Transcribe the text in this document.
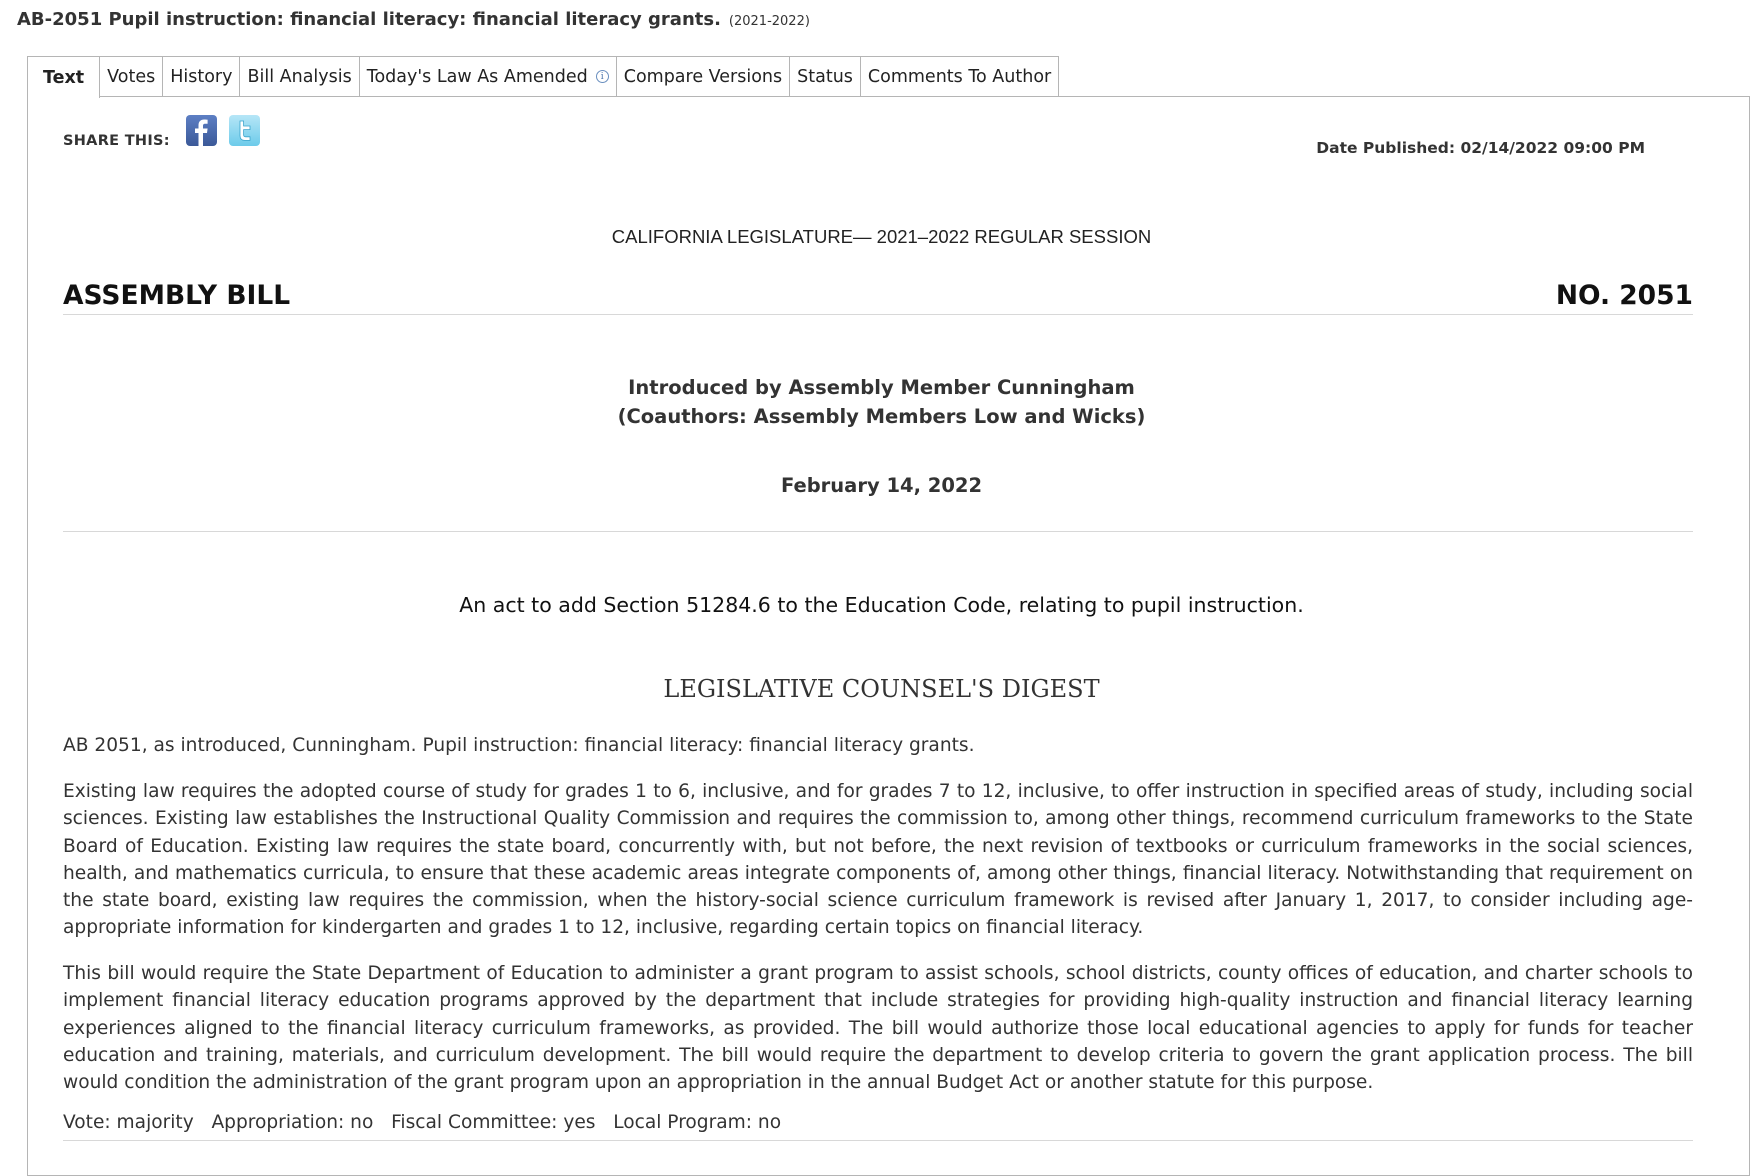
AB-2051 Pupil instruction: financial literacy: financial literacy grants. (2021-2022)
Text Votes History Bill Analysis Today's Law As Amended	i Compare Versions Status Comments To Author
SHARE THIS:	Date Published: 02/14/2022 09:00 PM
CALIFORNIA LEGISLATURE— 2021–2022 REGULAR SESSION
ASSEMBLY BILL	NO. 2051
Introduced by Assembly Member Cunningham
(Coauthors: Assembly Members Low and Wicks)
February 14, 2022
An act to add Section 51284.6 to the Education Code, relating to pupil instruction.
LEGISLATIVE COUNSEL'S DIGEST

AB 2051, as introduced, Cunningham. Pupil instruction: financial literacy: financial literacy grants.

Existing law requires the adopted course of study for grades 1 to 6, inclusive, and for grades 7 to 12, inclusive, to offer instruction in specified areas of study, including social sciences. Existing law establishes the Instructional Quality Commission and requires the commission to, among other things, recommend curriculum frameworks to the State Board of Education. Existing law requires the state board, concurrently with, but not before, the next revision of textbooks or curriculum frameworks in the social sciences, health, and mathematics curricula, to ensure that these academic areas integrate components of, among other things, financial literacy. Notwithstanding that requirement on the state board, existing law requires the commission, when the history-social science curriculum framework is revised after January 1, 2017, to consider including age-appropriate information for kindergarten and grades 1 to 12, inclusive, regarding certain topics on financial literacy.

This bill would require the State Department of Education to administer a grant program to assist schools, school districts, county offices of education, and charter schools to implement financial literacy education programs approved by the department that include strategies for providing high-quality instruction and financial literacy learning experiences aligned to the financial literacy curriculum frameworks, as provided. The bill would authorize those local educational agencies to apply for funds for teacher education and training, materials, and curriculum development. The bill would require the department to develop criteria to govern the grant application process. The bill would condition the administration of the grant program upon an appropriation in the annual Budget Act or another statute for this purpose.

Vote: majority   Appropriation: no   Fiscal Committee: yes   Local Program: no
